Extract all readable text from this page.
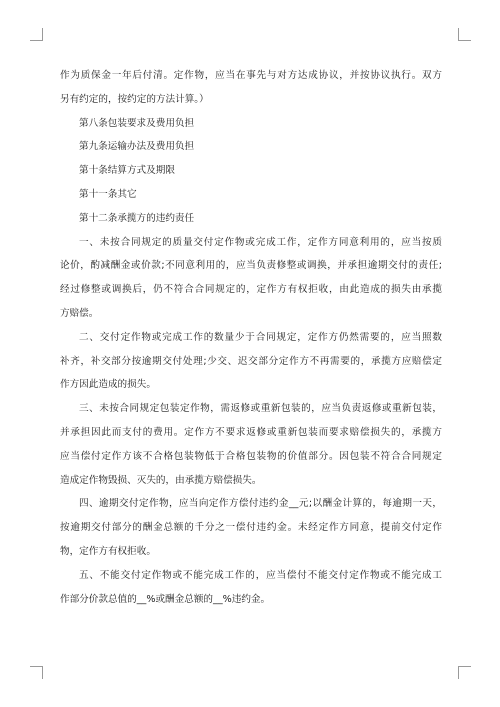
作为质保金一年后付清。定作物，应当在事先与对方达成协议，并按协议执行。双方
另有约定的，按约定的方法计算。）

第八条包装要求及费用负担

第九条运输办法及费用负担

第十条结算方式及期限

第十一条其它

第十二条承揽方的违约责任

一、未按合同规定的质量交付定作物或完成工作，定作方同意利用的，应当按质
论价，酌减酬金或价款;不同意利用的，应当负责修整或调换，并承担逾期交付的责任;
经过修整或调换后，仍不符合合同规定的，定作方有权拒收，由此造成的损失由承揽
方赔偿。

二、交付定作物或完成工作的数量少于合同规定，定作方仍然需要的，应当照数
补齐，补交部分按逾期交付处理;少交、迟交部分定作方不再需要的，承揽方应赔偿定
作方因此造成的损失。

三、未按合同规定包装定作物，需返修或重新包装的，应当负责返修或重新包装，
并承担因此而支付的费用。定作方不要求返修或重新包装而要求赔偿损失的，承揽方
应当偿付定作方该不合格包装物低于合格包装物的价值部分。因包装不符合合同规定
造成定作物毁损、灭失的，由承揽方赔偿损失。

四、逾期交付定作物，应当向定作方偿付违约金__元;以酬金计算的，每逾期一天，
按逾期交付部分的酬金总额的千分之一偿付违约金。未经定作方同意，提前交付定作
物，定作方有权拒收。

五、不能交付定作物或不能完成工作的，应当偿付不能交付定作物或不能完成工
作部分价款总值的__%或酬金总额的__%违约金。
